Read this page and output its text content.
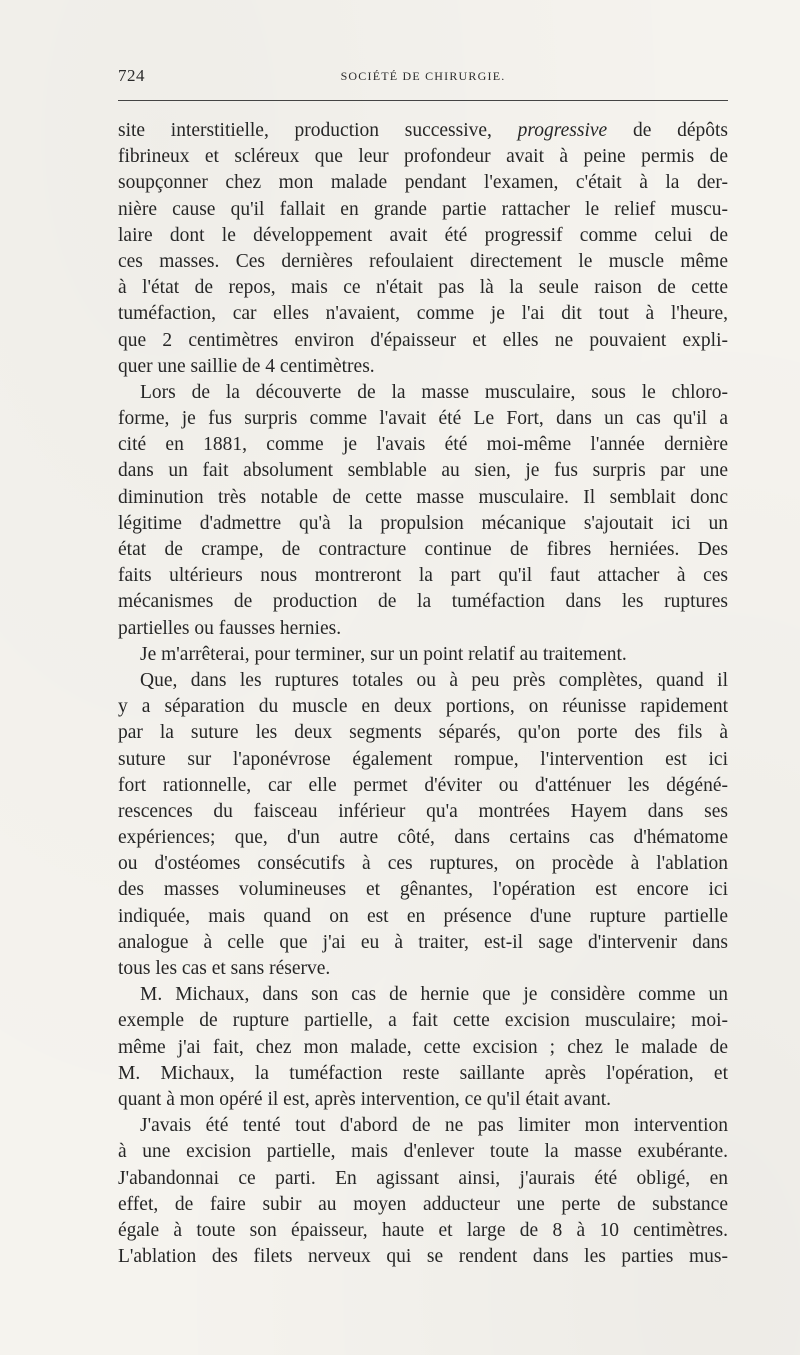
724	SOCIÉTÉ DE CHIRURGIE.
site interstitielle, production successive, progressive de dépôts
fibrineux et scléreux que leur profondeur avait à peine permis de
soupçonner chez mon malade pendant l'examen, c'était à la der-
nière cause qu'il fallait en grande partie rattacher le relief muscu-
laire dont le développement avait été progressif comme celui de
ces masses. Ces dernières refoulaient directement le muscle même
à l'état de repos, mais ce n'était pas là la seule raison de cette
tuméfaction, car elles n'avaient, comme je l'ai dit tout à l'heure,
que 2 centimètres environ d'épaisseur et elles ne pouvaient expli-
quer une saillie de 4 centimètres.
Lors de la découverte de la masse musculaire, sous le chloro-
forme, je fus surpris comme l'avait été Le Fort, dans un cas qu'il a
cité en 1881, comme je l'avais été moi-même l'année dernière
dans un fait absolument semblable au sien, je fus surpris par une
diminution très notable de cette masse musculaire. Il semblait donc
légitime d'admettre qu'à la propulsion mécanique s'ajoutait ici un
état de crampe, de contracture continue de fibres herniées. Des
faits ultérieurs nous montreront la part qu'il faut attacher à ces
mécanismes de production de la tuméfaction dans les ruptures
partielles ou fausses hernies.
Je m'arrêterai, pour terminer, sur un point relatif au traitement.
Que, dans les ruptures totales ou à peu près complètes, quand il
y a séparation du muscle en deux portions, on réunisse rapidement
par la suture les deux segments séparés, qu'on porte des fils à
suture sur l'aponévrose également rompue, l'intervention est ici
fort rationnelle, car elle permet d'éviter ou d'atténuer les dégéné-
rescences du faisceau inférieur qu'a montrées Hayem dans ses
expériences; que, d'un autre côté, dans certains cas d'hématome
ou d'ostéomes consécutifs à ces ruptures, on procède à l'ablation
des masses volumineuses et gênantes, l'opération est encore ici
indiquée, mais quand on est en présence d'une rupture partielle
analogue à celle que j'ai eu à traiter, est-il sage d'intervenir dans
tous les cas et sans réserve.
M. Michaux, dans son cas de hernie que je considère comme un
exemple de rupture partielle, a fait cette excision musculaire; moi-
même j'ai fait, chez mon malade, cette excision ; chez le malade de
M. Michaux, la tuméfaction reste saillante après l'opération, et
quant à mon opéré il est, après intervention, ce qu'il était avant.
J'avais été tenté tout d'abord de ne pas limiter mon intervention
à une excision partielle, mais d'enlever toute la masse exubérante.
J'abandonnai ce parti. En agissant ainsi, j'aurais été obligé, en
effet, de faire subir au moyen adducteur une perte de substance
égale à toute son épaisseur, haute et large de 8 à 10 centimètres.
L'ablation des filets nerveux qui se rendent dans les parties mus-
